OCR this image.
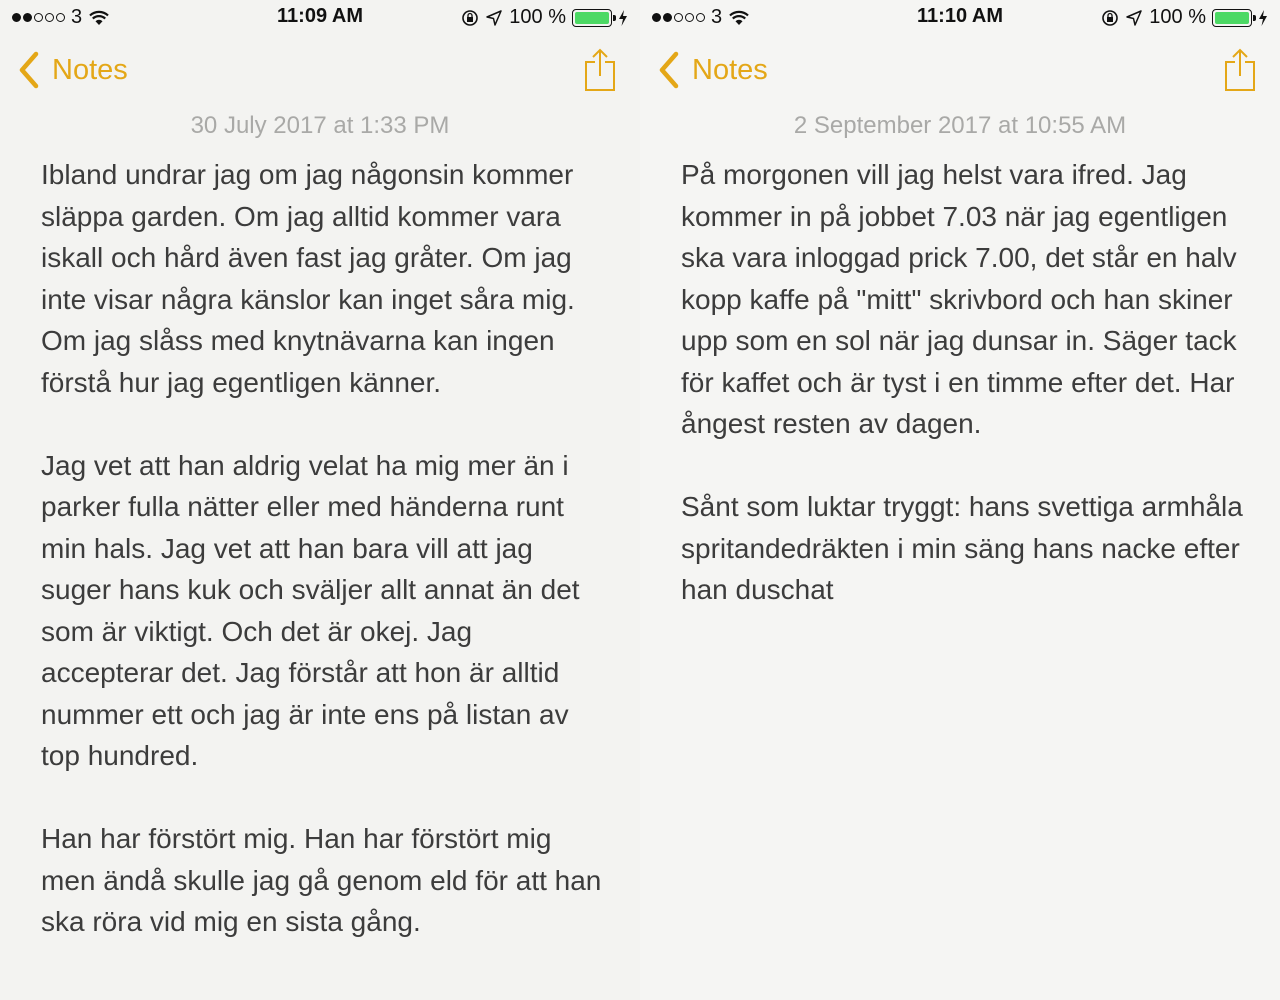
3	11:09 AM	100 %
Notes
30 July 2017 at 1:33 PM

Ibland undrar jag om jag någonsin kommer släppa garden. Om jag alltid kommer vara iskall och hård även fast jag gråter. Om jag inte visar några känslor kan inget såra mig. Om jag slåss med knytnävarna kan ingen förstå hur jag egentligen känner.

Jag vet att han aldrig velat ha mig mer än i parker fulla nätter eller med händerna runt min hals. Jag vet att han bara vill att jag suger hans kuk och sväljer allt annat än det som är viktigt. Och det är okej. Jag accepterar det. Jag förstår att hon är alltid nummer ett och jag är inte ens på listan av top hundred.

Han har förstört mig. Han har förstört mig men ändå skulle jag gå genom eld för att han ska röra vid mig en sista gång.

3	11:10 AM	100 %
Notes
2 September 2017 at 10:55 AM

På morgonen vill jag helst vara ifred. Jag kommer in på jobbet 7.03 när jag egentligen ska vara inloggad prick 7.00, det står en halv kopp kaffe på "mitt" skrivbord och han skiner upp som en sol när jag dunsar in. Säger tack för kaffet och är tyst i en timme efter det. Har ångest resten av dagen.

Sånt som luktar tryggt: hans svettiga armhåla spritandedräkten i min säng hans nacke efter han duschat
